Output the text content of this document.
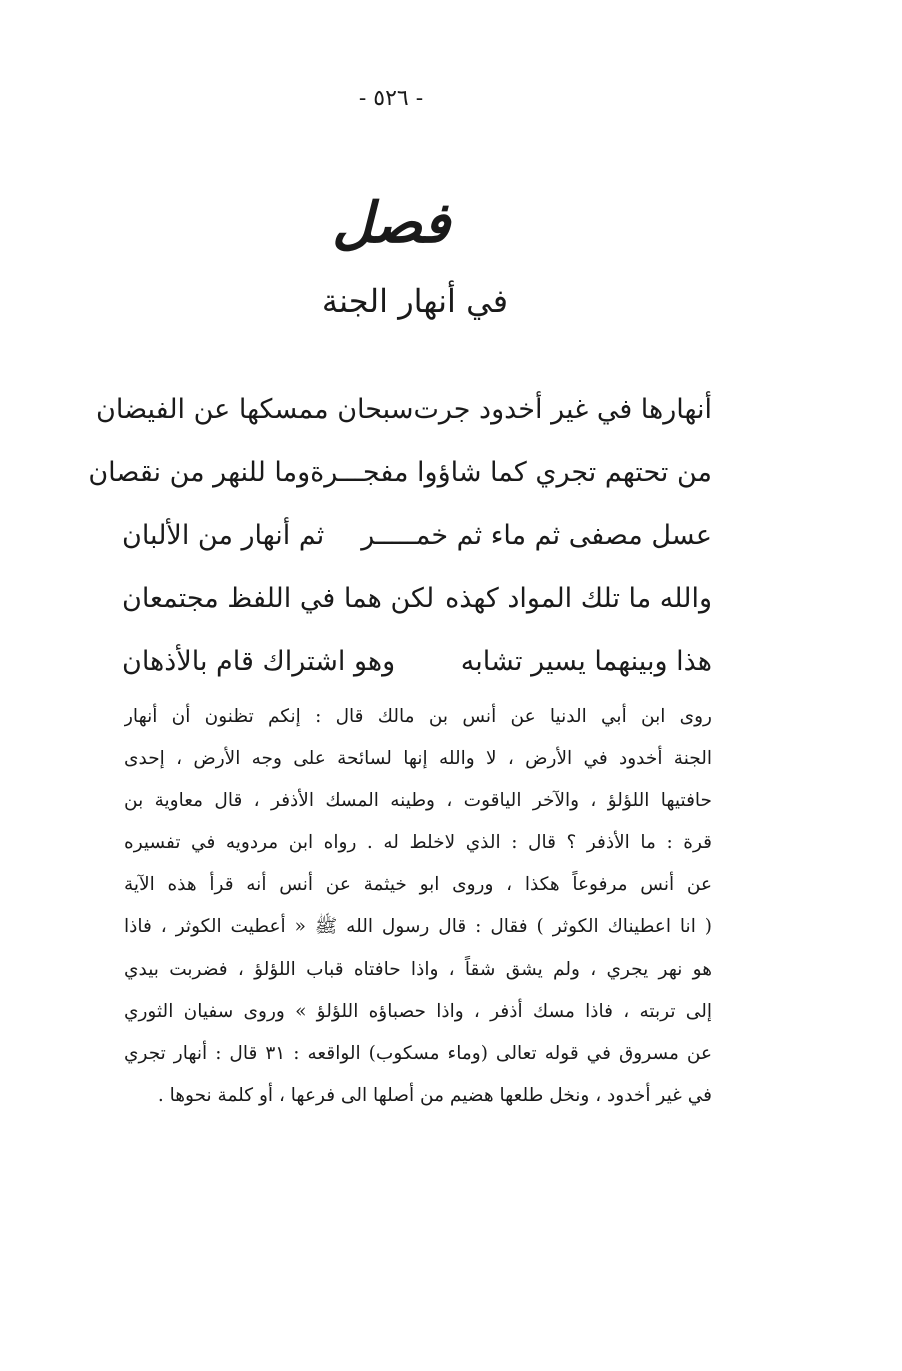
- ٥٢٦ -
فصل
في أنهار الجنة
أنهارها في غير أخدود جرت
سبحان ممسكها عن الفيضان
من تحتهم تجري كما شاؤوا مفجـــرة
وما للنهر من نقصان
عسل مصفى ثم ماء ثم خمـــــر
ثم أنهار من الألبان
والله ما تلك المواد كهذه
لكن هما في اللفظ مجتمعان
هذا وبينهما يسير تشابه
وهو اشتراك قام بالأذهان
روى ابن أبي الدنيا عن أنس بن مالك قال : إنكم تظنون أن أنهار
الجنة أخدود في الأرض ، لا والله إنها لسائحة على وجه الأرض ، إحدى
حافتيها اللؤلؤ ، والآخر الياقوت ، وطينه المسك الأذفر ، قال معاوية بن
قرة : ما الأذفر ؟ قال : الذي لاخلط له . رواه ابن مردويه في تفسيره
عن أنس مرفوعاً هكذا ، وروى ابو خيثمة عن أنس أنه قرأ هذه الآية
( انا اعطيناك الكوثر ) فقال : قال رسول الله ﷺ « أعطيت الكوثر ، فاذا
هو نهر يجري ، ولم يشق شقاً ، واذا حافتاه قباب اللؤلؤ ، فضربت بيدي
إلى تربته ، فاذا مسك أذفر ، واذا حصباؤه اللؤلؤ » وروى سفيان الثوري
عن مسروق في قوله تعالى (وماء مسكوب) الواقعه : ٣١ قال : أنهار تجري
في غير أخدود ، ونخل طلعها هضيم من أصلها الى فرعها ، أو كلمة نحوها .
